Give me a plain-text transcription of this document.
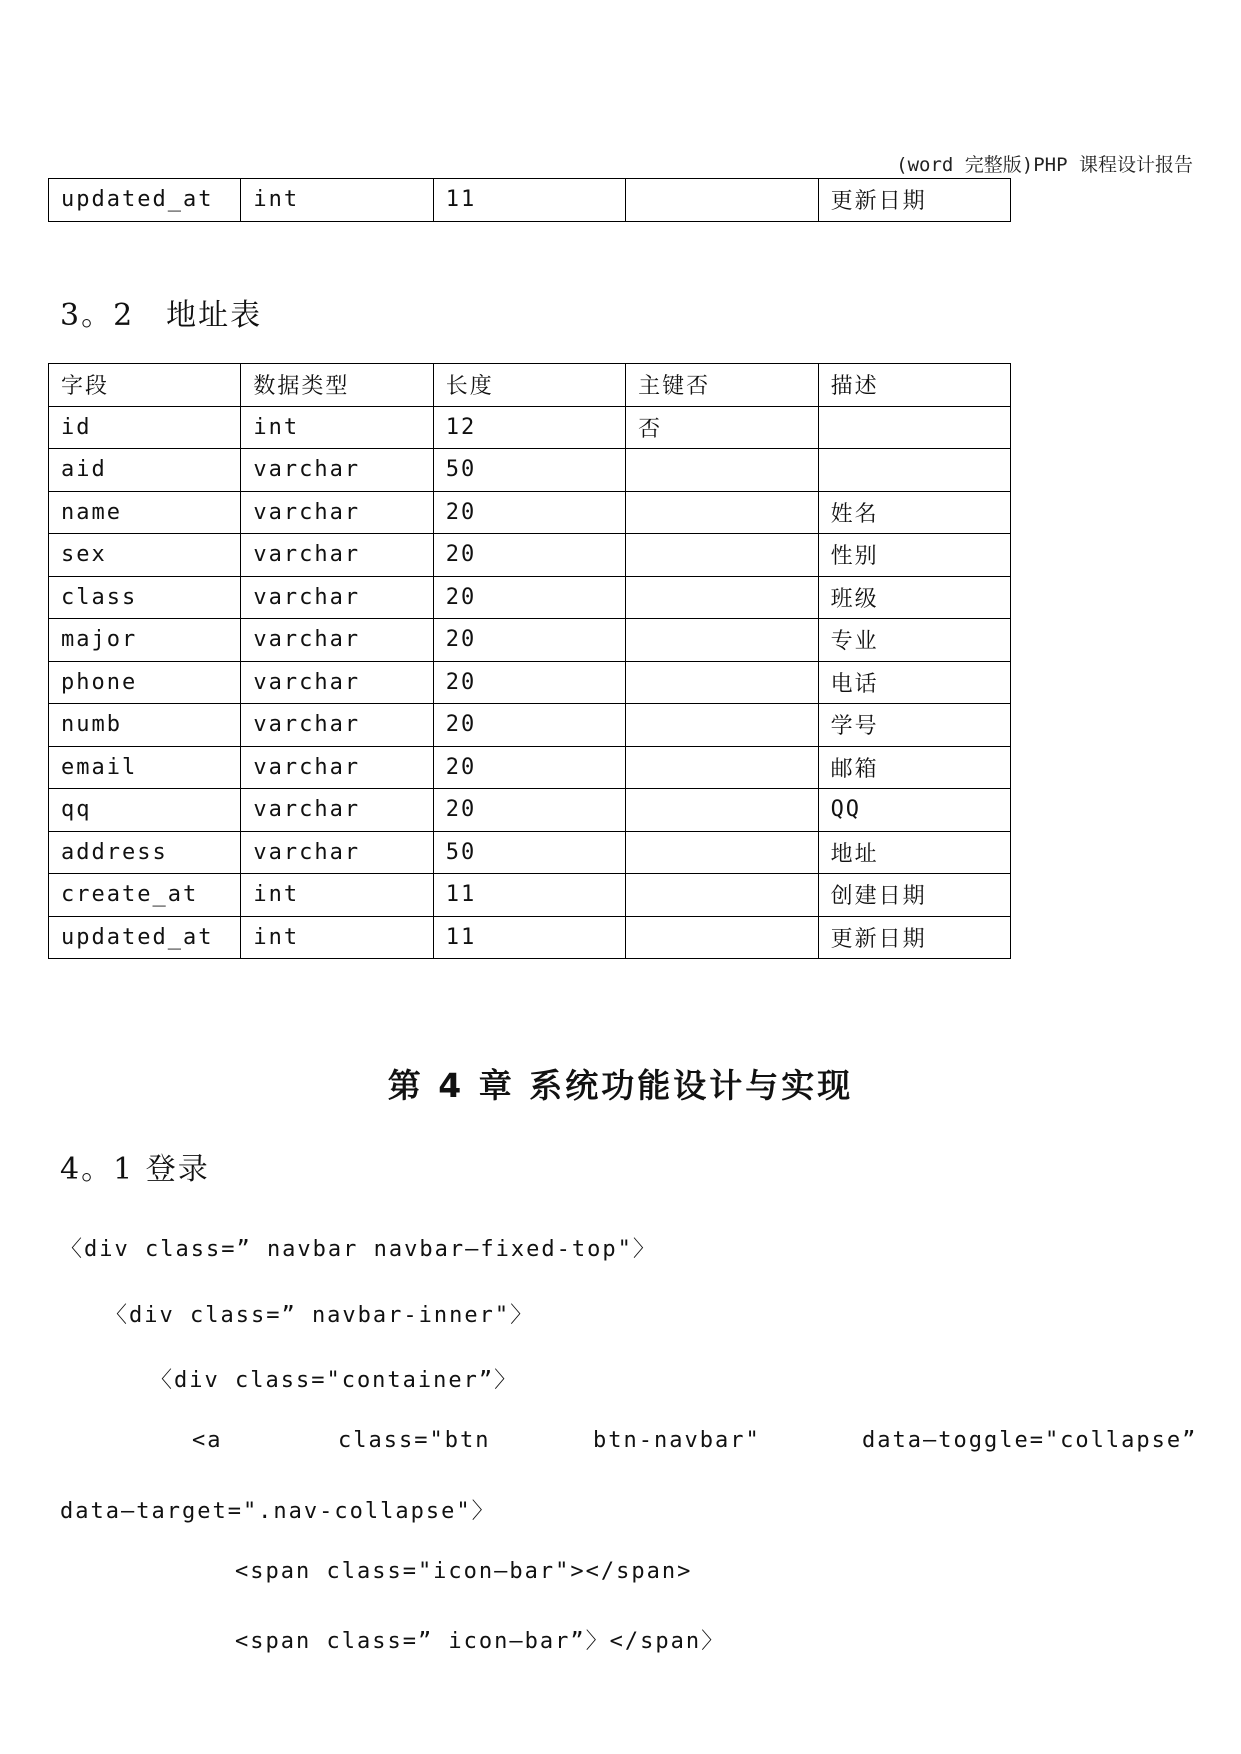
(word 完整版)PHP 课程设计报告
updated_at	int	11		更新日期
3。2　地址表
字段	数据类型	长度	主键否	描述
id	int	12	否	
aid	varchar	50		
name	varchar	20		姓名
sex	varchar	20		性别
class	varchar	20		班级
major	varchar	20		专业
phone	varchar	20		电话
numb	varchar	20		学号
email	varchar	20		邮箱
qq	varchar	20		QQ
address	varchar	50		地址
create_at	int	11		创建日期
updated_at	int	11		更新日期
第 4 章 系统功能设计与实现
4。1 登录
〈div class=” navbar navbar—fixed-top"〉
〈div class=” navbar-inner"〉
〈div class="container”〉
<a	class="btn	btn-navbar"	data—toggle="collapse”
data—target=".nav-collapse"〉
<span class="icon—bar"></span>
<span class=” icon—bar”〉</span〉
